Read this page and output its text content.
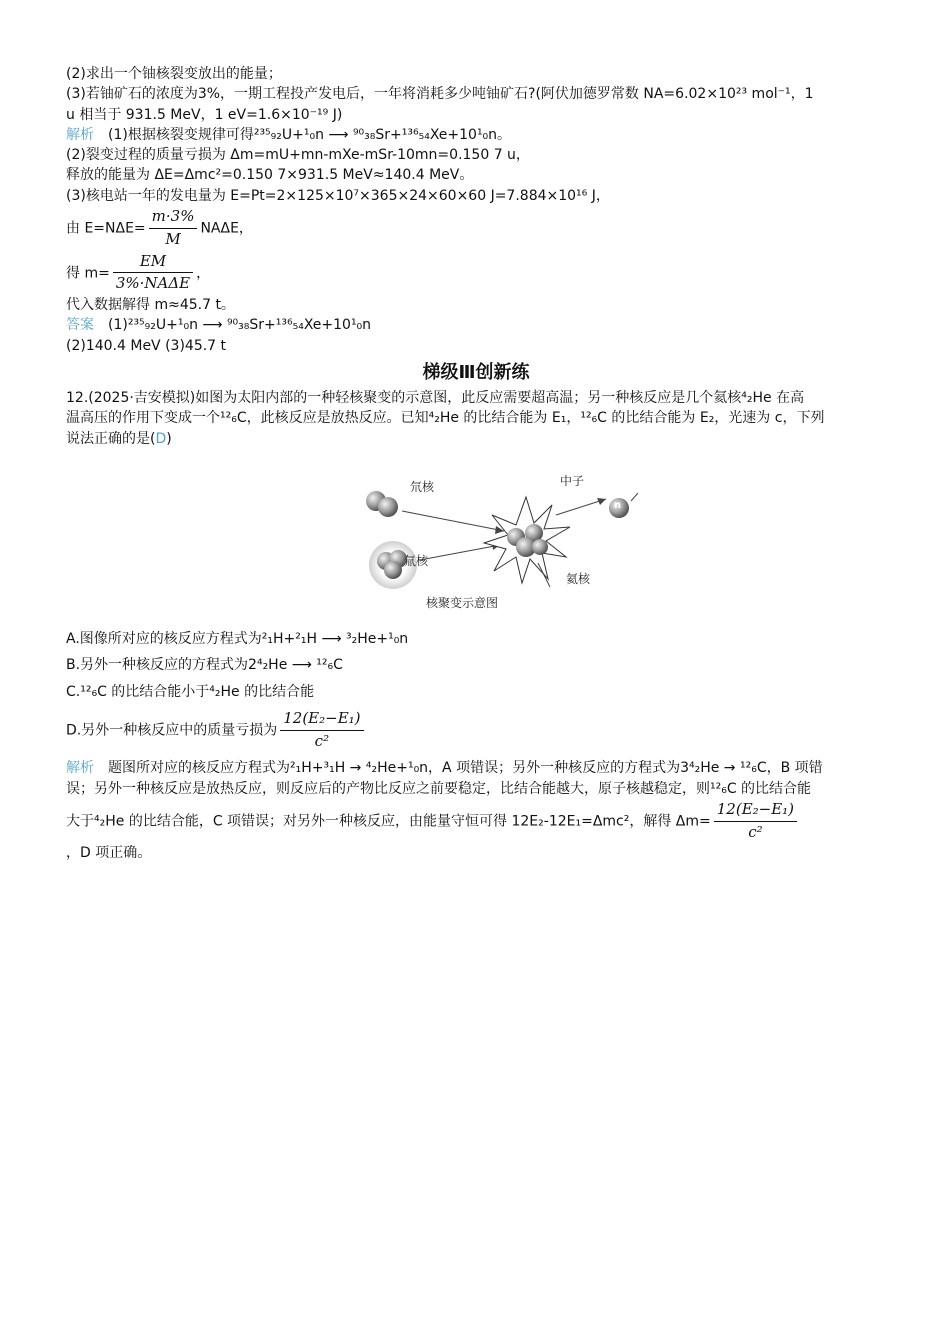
(2)求出一个铀核裂变放出的能量；

(3)若铀矿石的浓度为3%，一期工程投产发电后，一年将消耗多少吨铀矿石?(阿伏加德罗常数 NA=6.02×10²³ mol⁻¹，1

u 相当于 931.5 MeV，1 eV=1.6×10⁻¹⁹ J)

解析 (1)根据核裂变规律可得²³⁵₉₂U+¹₀n ⟶ ⁹⁰₃₈Sr+¹³⁶₅₄Xe+10¹₀n。

(2)裂变过程的质量亏损为 Δm=mU+mn-mXe-mSr-10mn=0.150 7 u，

释放的能量为 ΔE=Δmc²=0.150 7×931.5 MeV≈140.4 MeV。

(3)核电站一年的发电量为 E=Pt=2×125×10⁷×365×24×60×60 J=7.884×10¹⁶ J，

由 $E=N\Delta E= \frac{m\cdot 3\%}{M}$ NAΔE，

得 $m= \frac{EM}{\text{3\%·NAΔE}}$ ，

代入数据解得 m≈45.7 t。

答案 (1)²³⁵₉₂U+¹₀n ⟶ ⁹⁰₃₈Sr+¹³⁶₅₄Xe+10¹₀n

(2)140.4 MeV (3)45.7 t

梯级Ⅲ创新练

12.(2025·吉安模拟)如图为太阳内部的一种轻核聚变的示意图，此反应需要超高温；另一种核反应是几个氦核⁴₂He 在高

温高压的作用下变成一个¹²₆C，此核反应是放热反应。已知⁴₂He 的比结合能为 E₁，¹²₆C 的比结合能为 E₂，光速为 c，下列

说法正确的是(D)

氘核
氚核
中子
n
氦核
核聚变示意图

A.图像所对应的核反应方程式为²₁H+²₁H ⟶ ³₂He+¹₀n

B.另外一种核反应的方程式为2⁴₂He ⟶ ¹²₆C

C.¹²₆C 的比结合能小于⁴₂He 的比结合能

D.另外一种核反应中的质量亏损为 $\frac{\text{12(E₂−E₁)}}{\text{c²}}$

解析 题图所对应的核反应方程式为²₁H+³₁H → ⁴₂He+¹₀n，A 项错误；另外一种核反应的方程式为3⁴₂He → ¹²₆C，B 项错

误；另外一种核反应是放热反应，则反应后的产物比反应之前要稳定，比结合能越大，原子核越稳定，则¹²₆C 的比结合能

大于⁴₂He 的比结合能，C 项错误；对另外一种核反应，由能量守恒可得 12E₂-12E₁=Δmc²，解得 $\Delta m= \frac{\text{12(E₂−E₁)}}{\text{c²}}$

，D 项正确。
